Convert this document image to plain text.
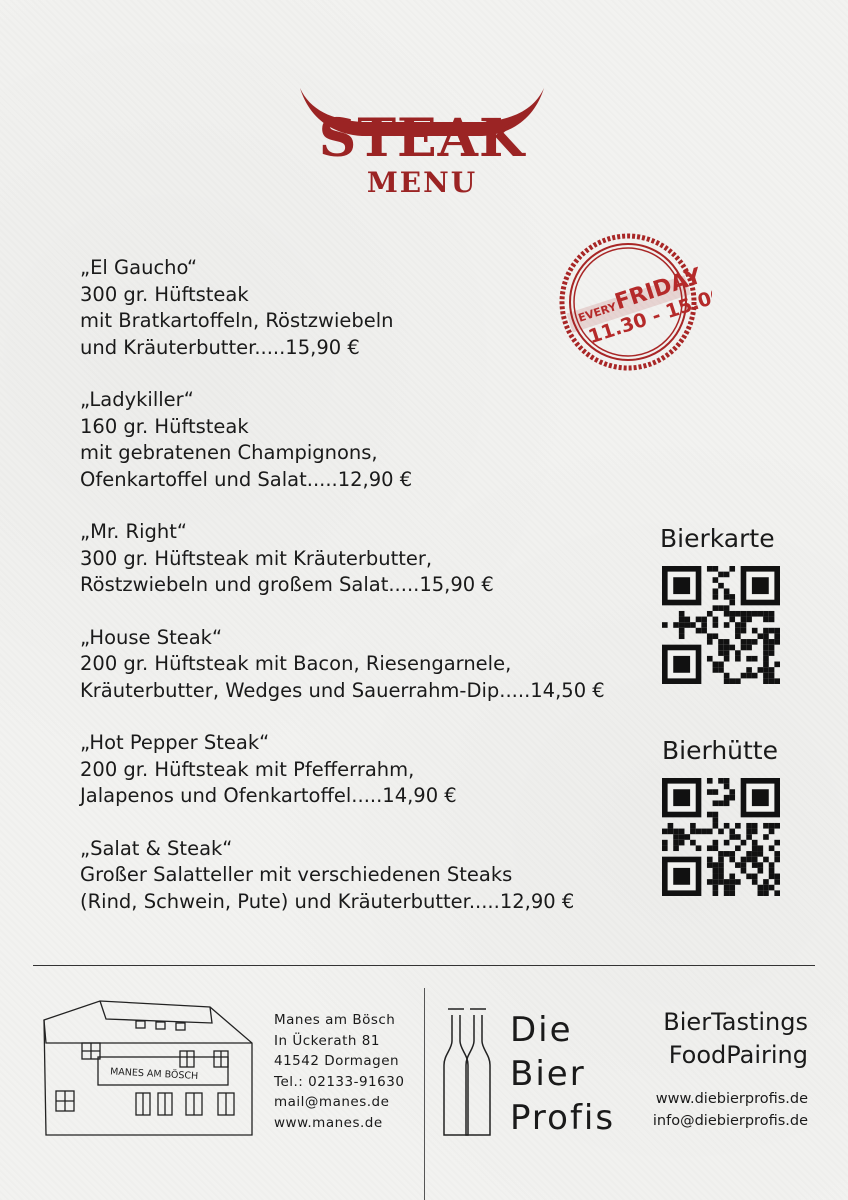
STEAK
MENU
„El Gaucho“
300 gr. Hüftsteak
mit Bratkartoffeln, Röstzwiebeln
und Kräuterbutter.....15,90 €
„Ladykiller“
160 gr. Hüftsteak
mit gebratenen Champignons,
Ofenkartoffel und Salat.....12,90 €
„Mr. Right“
300 gr. Hüftsteak mit Kräuterbutter,
Röstzwiebeln und großem Salat.....15,90 €
„House Steak“
200 gr. Hüftsteak mit Bacon, Riesengarnele,
Kräuterbutter, Wedges und Sauerrahm-Dip.....14,50 €
„Hot Pepper Steak“
200 gr. Hüftsteak mit Pfefferrahm,
Jalapenos und Ofenkartoffel.....14,90 €
„Salat & Steak“
Großer Salatteller mit verschiedenen Steaks
(Rind, Schwein, Pute) und Kräuterbutter.....12,90 €
EVERY
FRIDAY
11.30 - 15.00
Bierkarte
Bierhütte
MANES AM BÖSCH
Manes am Bösch
In Ückerath 81
41542 Dormagen
Tel.: 02133-91630
mail@manes.de
www.manes.de
Die
Bier
Profis
BierTastings
FoodPairing
www.diebierprofis.de
info@diebierprofis.de
